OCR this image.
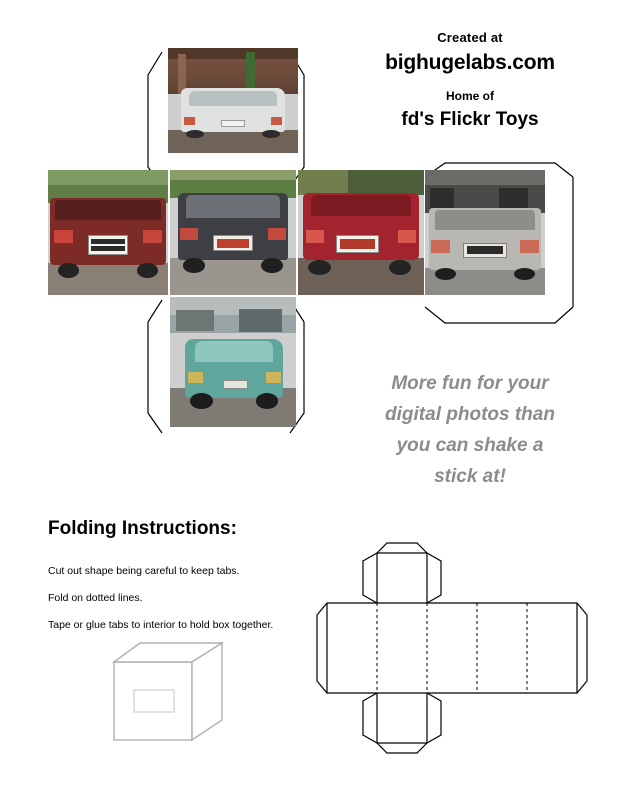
Created at
bighugelabs.com
Home of
fd's Flickr Toys
More fun for your
digital photos than
you can shake a
stick at!
Folding Instructions:
Cut out shape being careful to keep tabs.
Fold on dotted lines.
Tape or glue tabs to interior to hold box together.
